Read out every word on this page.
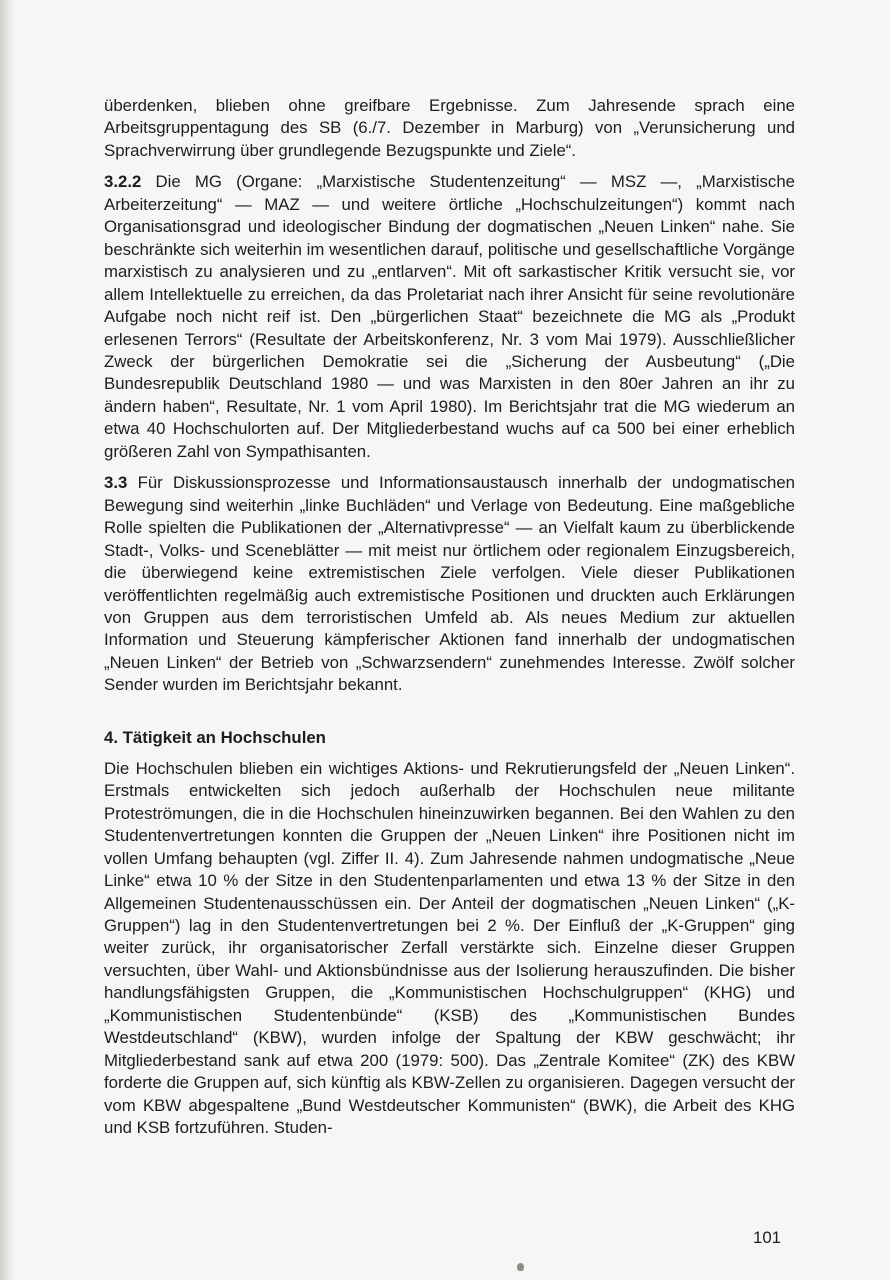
überdenken, blieben ohne greifbare Ergebnisse. Zum Jahresende sprach eine Arbeitsgruppentagung des SB (6./7. Dezember in Marburg) von „Verunsicherung und Sprachverwirrung über grundlegende Bezugspunkte und Ziele“.

3.2.2 Die MG (Organe: „Marxistische Studentenzeitung“ — MSZ —, „Marxistische Arbeiterzeitung“ — MAZ — und weitere örtliche „Hochschulzeitungen“) kommt nach Organisationsgrad und ideologischer Bindung der dogmatischen „Neuen Linken“ nahe. Sie beschränkte sich weiterhin im wesentlichen darauf, politische und gesellschaftliche Vorgänge marxistisch zu analysieren und zu „entlarven“. Mit oft sarkastischer Kritik versucht sie, vor allem Intellektuelle zu erreichen, da das Proletariat nach ihrer Ansicht für seine revolutionäre Aufgabe noch nicht reif ist. Den „bürgerlichen Staat“ bezeichnete die MG als „Produkt erlesenen Terrors“ (Resultate der Arbeitskonferenz, Nr. 3 vom Mai 1979). Ausschließlicher Zweck der bürgerlichen Demokratie sei die „Sicherung der Ausbeutung“ („Die Bundesrepublik Deutschland 1980 — und was Marxisten in den 80er Jahren an ihr zu ändern haben“, Resultate, Nr. 1 vom April 1980). Im Berichtsjahr trat die MG wiederum an etwa 40 Hochschulorten auf. Der Mitgliederbestand wuchs auf ca 500 bei einer erheblich größeren Zahl von Sympathisanten.

3.3 Für Diskussionsprozesse und Informationsaustausch innerhalb der undogmatischen Bewegung sind weiterhin „linke Buchläden“ und Verlage von Bedeutung. Eine maßgebliche Rolle spielten die Publikationen der „Alternativpresse“ — an Vielfalt kaum zu überblickende Stadt-, Volks- und Sceneblätter — mit meist nur örtlichem oder regionalem Einzugsbereich, die überwiegend keine extremistischen Ziele verfolgen. Viele dieser Publikationen veröffentlichten regelmäßig auch extremistische Positionen und druckten auch Erklärungen von Gruppen aus dem terroristischen Umfeld ab. Als neues Medium zur aktuellen Information und Steuerung kämpferischer Aktionen fand innerhalb der undogmatischen „Neuen Linken“ der Betrieb von „Schwarzsendern“ zunehmendes Interesse. Zwölf solcher Sender wurden im Berichtsjahr bekannt.

4. Tätigkeit an Hochschulen

Die Hochschulen blieben ein wichtiges Aktions- und Rekrutierungsfeld der „Neuen Linken“. Erstmals entwickelten sich jedoch außerhalb der Hochschulen neue militante Proteströmungen, die in die Hochschulen hineinzuwirken begannen. Bei den Wahlen zu den Studentenvertretungen konnten die Gruppen der „Neuen Linken“ ihre Positionen nicht im vollen Umfang behaupten (vgl. Ziffer II. 4). Zum Jahresende nahmen undogmatische „Neue Linke“ etwa 10 % der Sitze in den Studentenparlamenten und etwa 13 % der Sitze in den Allgemeinen Studentenausschüssen ein. Der Anteil der dogmatischen „Neuen Linken“ („K-Gruppen“) lag in den Studentenvertretungen bei 2 %. Der Einfluß der „K-Gruppen“ ging weiter zurück, ihr organisatorischer Zerfall verstärkte sich. Einzelne dieser Gruppen versuchten, über Wahl- und Aktionsbündnisse aus der Isolierung herauszufinden. Die bisher handlungsfähigsten Gruppen, die „Kommunistischen Hochschulgruppen“ (KHG) und „Kommunistischen Studentenbünde“ (KSB) des „Kommunistischen Bundes Westdeutschland“ (KBW), wurden infolge der Spaltung der KBW geschwächt; ihr Mitgliederbestand sank auf etwa 200 (1979: 500). Das „Zentrale Komitee“ (ZK) des KBW forderte die Gruppen auf, sich künftig als KBW-Zellen zu organisieren. Dagegen versucht der vom KBW abgespaltene „Bund Westdeutscher Kommunisten“ (BWK), die Arbeit des KHG und KSB fortzuführen. Studen-

101
